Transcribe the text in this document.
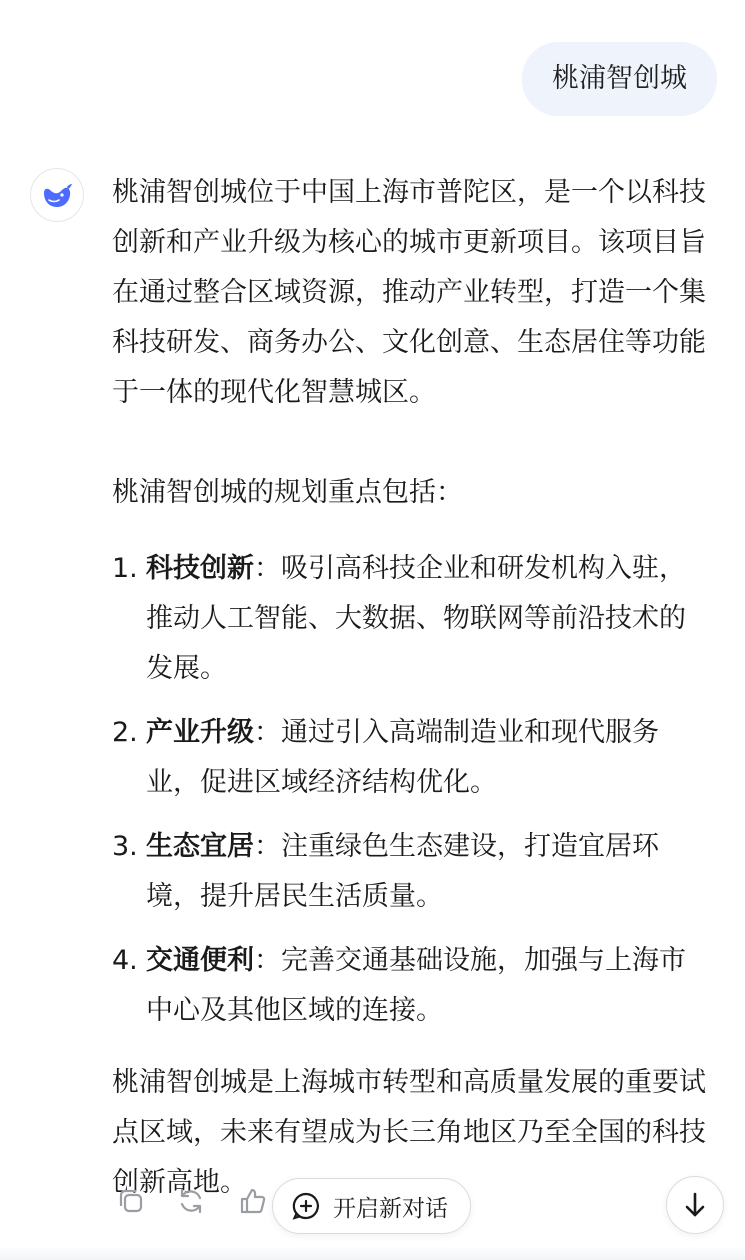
桃浦智创城

桃浦智创城位于中国上海市普陀区，是一个以科技创新和产业升级为核心的城市更新项目。该项目旨在通过整合区域资源，推动产业转型，打造一个集科技研发、商务办公、文化创意、生态居住等功能于一体的现代化智慧城区。

桃浦智创城的规划重点包括：

1. 科技创新：吸引高科技企业和研发机构入驻，推动人工智能、大数据、物联网等前沿技术的发展。
2. 产业升级：通过引入高端制造业和现代服务业，促进区域经济结构优化。
3. 生态宜居：注重绿色生态建设，打造宜居环境，提升居民生活质量。
4. 交通便利：完善交通基础设施，加强与上海市中心及其他区域的连接。

桃浦智创城是上海城市转型和高质量发展的重要试点区域，未来有望成为长三角地区乃至全国的科技创新高地。

开启新对话
